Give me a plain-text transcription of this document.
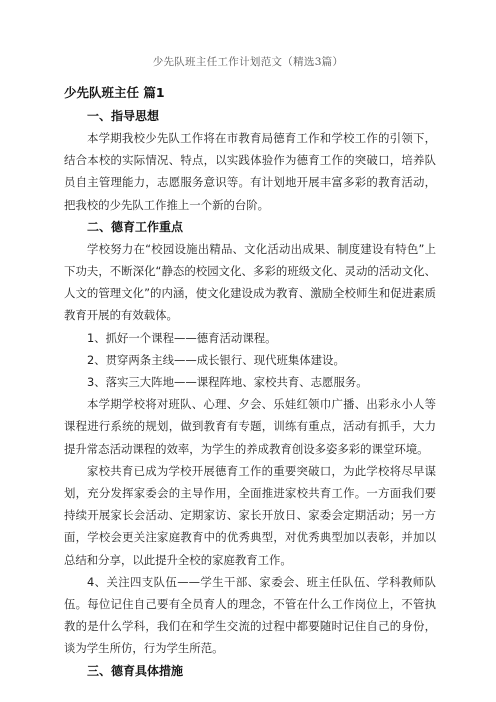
少先队班主任工作计划范文（精选3篇）
少先队班主任 篇1
一、指导思想

本学期我校少先队工作将在市教育局德育工作和学校工作的引领下，结合本校的实际情况、特点，以实践体验作为德育工作的突破口，培养队员自主管理能力，志愿服务意识等。有计划地开展丰富多彩的教育活动，把我校的少先队工作推上一个新的台阶。

二、德育工作重点

学校努力在“校园设施出精品、文化活动出成果、制度建设有特色”上下功夫，不断深化“静态的校园文化、多彩的班级文化、灵动的活动文化、人文的管理文化”的内涵，使文化建设成为教育、激励全校师生和促进素质教育开展的有效载体。

1、抓好一个课程——德育活动课程。

2、贯穿两条主线——成长银行、现代班集体建设。

3、落实三大阵地——课程阵地、家校共育、志愿服务。

本学期学校将对班队、心理、夕会、乐娃红领巾广播、出彩永小人等课程进行系统的规划，做到教育有专题，训练有重点，活动有抓手，大力提升常态活动课程的效率，为学生的养成教育创设多姿多彩的课堂环境。

家校共育已成为学校开展德育工作的重要突破口，为此学校将尽早谋划，充分发挥家委会的主导作用，全面推进家校共育工作。一方面我们要持续开展家长会活动、定期家访、家长开放日、家委会定期活动；另一方面，学校会更关注家庭教育中的优秀典型，对优秀典型加以表彰，并加以总结和分享，以此提升全校的家庭教育工作。

4、关注四支队伍——学生干部、家委会、班主任队伍、学科教师队伍。每位记住自己要有全员育人的理念，不管在什么工作岗位上，不管执教的是什么学科，我们在和学生交流的过程中都要随时记住自己的身份，谈为学生所仿，行为学生所范。

三、德育具体措施
